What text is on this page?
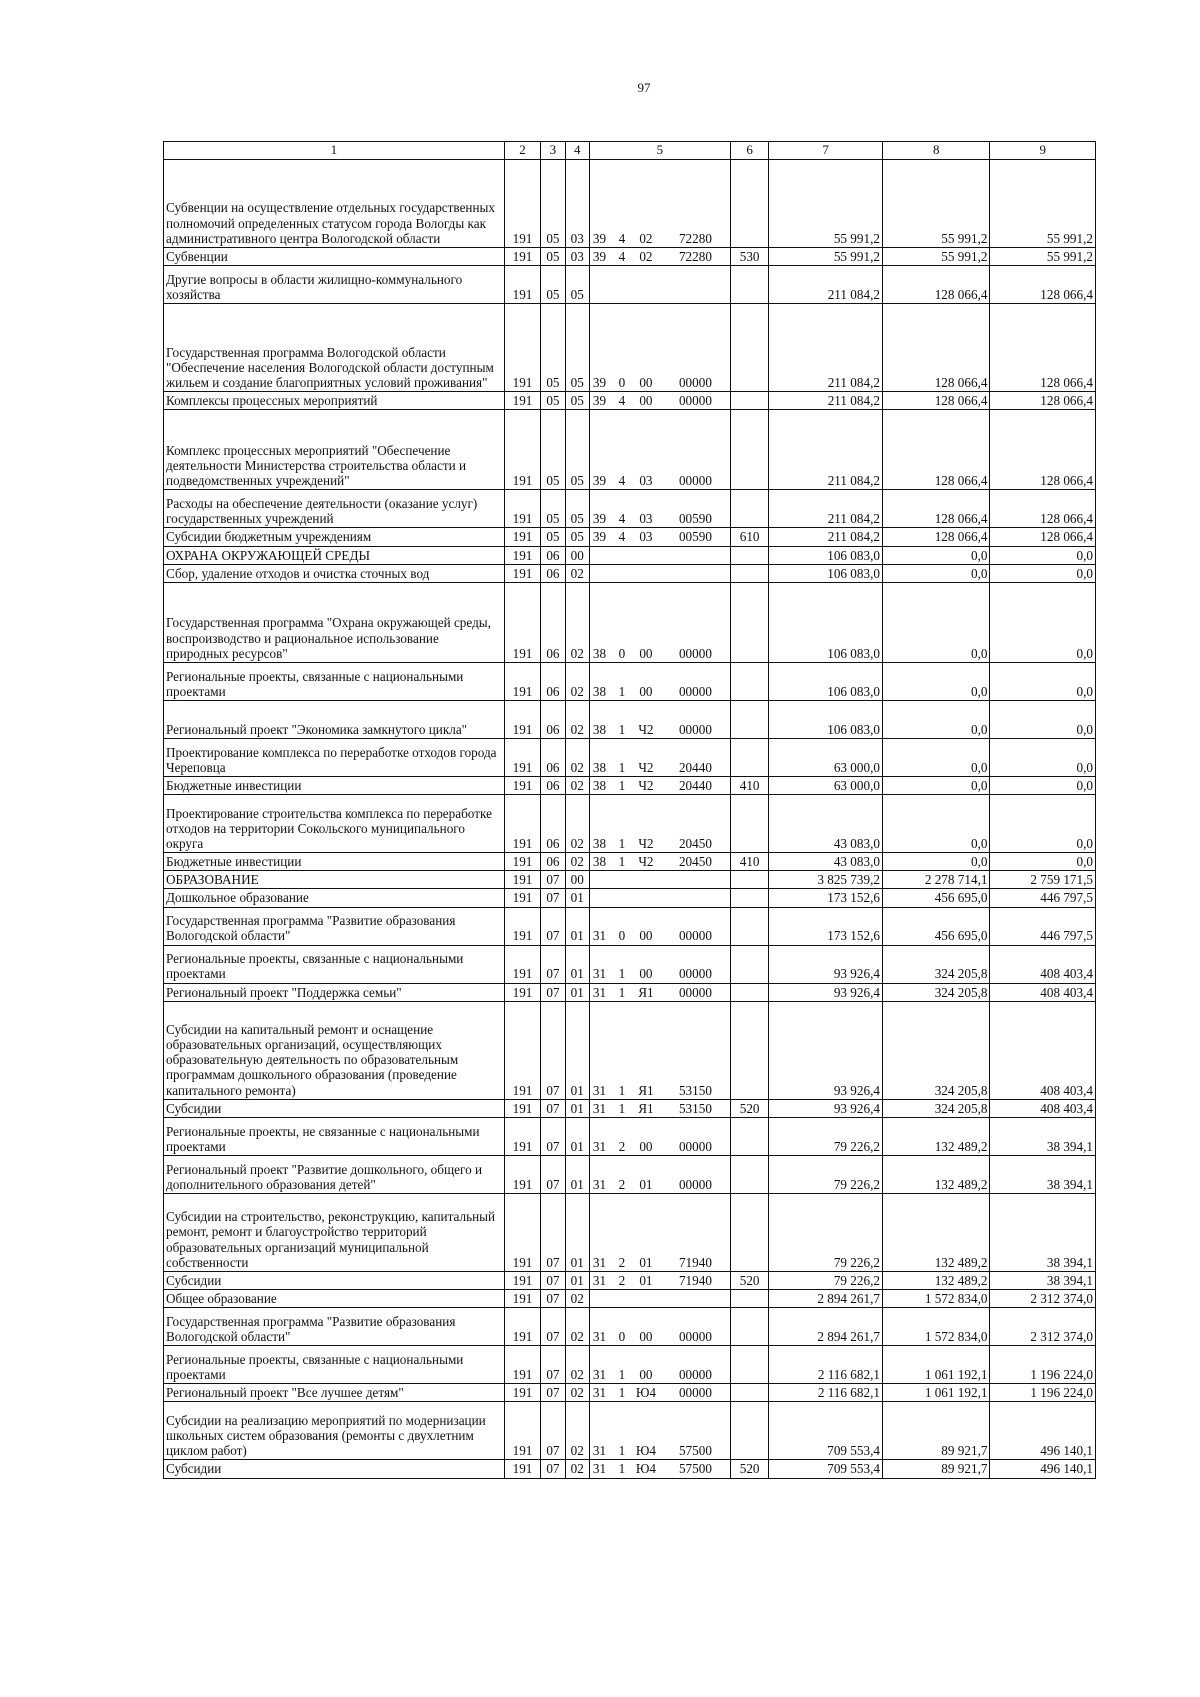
97
1	2	3	4	5	6	7	8	9
Субвенции на осуществление отдельных государственных полномочий определенных статусом города Вологды как административного центра Вологодской области	191	05	03	39 4 02 72280		55 991,2	55 991,2	55 991,2
Субвенции	191	05	03	39 4 02 72280	530	55 991,2	55 991,2	55 991,2
Другие вопросы в области жилищно-коммунального хозяйства	191	05	05			211 084,2	128 066,4	128 066,4
Государственная программа Вологодской области "Обеспечение населения Вологодской области доступным жильем и создание благоприятных условий проживания"	191	05	05	39 0 00 00000		211 084,2	128 066,4	128 066,4
Комплексы процессных мероприятий	191	05	05	39 4 00 00000		211 084,2	128 066,4	128 066,4
Комплекс процессных мероприятий "Обеспечение деятельности Министерства строительства области и подведомственных учреждений"	191	05	05	39 4 03 00000		211 084,2	128 066,4	128 066,4
Расходы на обеспечение деятельности (оказание услуг) государственных учреждений	191	05	05	39 4 03 00590		211 084,2	128 066,4	128 066,4
Субсидии бюджетным учреждениям	191	05	05	39 4 03 00590	610	211 084,2	128 066,4	128 066,4
ОХРАНА ОКРУЖАЮЩЕЙ СРЕДЫ	191	06	00			106 083,0	0,0	0,0
Сбор, удаление отходов и очистка сточных вод	191	06	02			106 083,0	0,0	0,0
Государственная программа "Охрана окружающей среды, воспроизводство и рациональное использование природных ресурсов"	191	06	02	38 0 00 00000		106 083,0	0,0	0,0
Региональные проекты, связанные с национальными проектами	191	06	02	38 1 00 00000		106 083,0	0,0	0,0
Региональный проект "Экономика замкнутого цикла"	191	06	02	38 1 Ч2 00000		106 083,0	0,0	0,0
Проектирование комплекса по переработке отходов города Череповца	191	06	02	38 1 Ч2 20440		63 000,0	0,0	0,0
Бюджетные инвестиции	191	06	02	38 1 Ч2 20440	410	63 000,0	0,0	0,0
Проектирование строительства комплекса по переработке отходов на территории Сокольского муниципального округа	191	06	02	38 1 Ч2 20450		43 083,0	0,0	0,0
Бюджетные инвестиции	191	06	02	38 1 Ч2 20450	410	43 083,0	0,0	0,0
ОБРАЗОВАНИЕ	191	07	00			3 825 739,2	2 278 714,1	2 759 171,5
Дошкольное образование	191	07	01			173 152,6	456 695,0	446 797,5
Государственная программа "Развитие образования Вологодской области"	191	07	01	31 0 00 00000		173 152,6	456 695,0	446 797,5
Региональные проекты, связанные с национальными проектами	191	07	01	31 1 00 00000		93 926,4	324 205,8	408 403,4
Региональный проект "Поддержка семьи"	191	07	01	31 1 Я1 00000		93 926,4	324 205,8	408 403,4
Субсидии на капитальный ремонт и оснащение образовательных организаций, осуществляющих образовательную деятельность по образовательным программам дошкольного образования (проведение капитального ремонта)	191	07	01	31 1 Я1 53150		93 926,4	324 205,8	408 403,4
Субсидии	191	07	01	31 1 Я1 53150	520	93 926,4	324 205,8	408 403,4
Региональные проекты, не связанные с национальными проектами	191	07	01	31 2 00 00000		79 226,2	132 489,2	38 394,1
Региональный проект "Развитие дошкольного, общего и дополнительного образования детей"	191	07	01	31 2 01 00000		79 226,2	132 489,2	38 394,1
Субсидии на строительство, реконструкцию, капитальный ремонт, ремонт и благоустройство территорий образовательных организаций муниципальной собственности	191	07	01	31 2 01 71940		79 226,2	132 489,2	38 394,1
Субсидии	191	07	01	31 2 01 71940	520	79 226,2	132 489,2	38 394,1
Общее образование	191	07	02			2 894 261,7	1 572 834,0	2 312 374,0
Государственная программа "Развитие образования Вологодской области"	191	07	02	31 0 00 00000		2 894 261,7	1 572 834,0	2 312 374,0
Региональные проекты, связанные с национальными проектами	191	07	02	31 1 00 00000		2 116 682,1	1 061 192,1	1 196 224,0
Региональный проект "Все лучшее детям"	191	07	02	31 1 Ю4 00000		2 116 682,1	1 061 192,1	1 196 224,0
Субсидии на реализацию мероприятий по модернизации школьных систем образования (ремонты с двухлетним циклом работ)	191	07	02	31 1 Ю4 57500		709 553,4	89 921,7	496 140,1
Субсидии	191	07	02	31 1 Ю4 57500	520	709 553,4	89 921,7	496 140,1
